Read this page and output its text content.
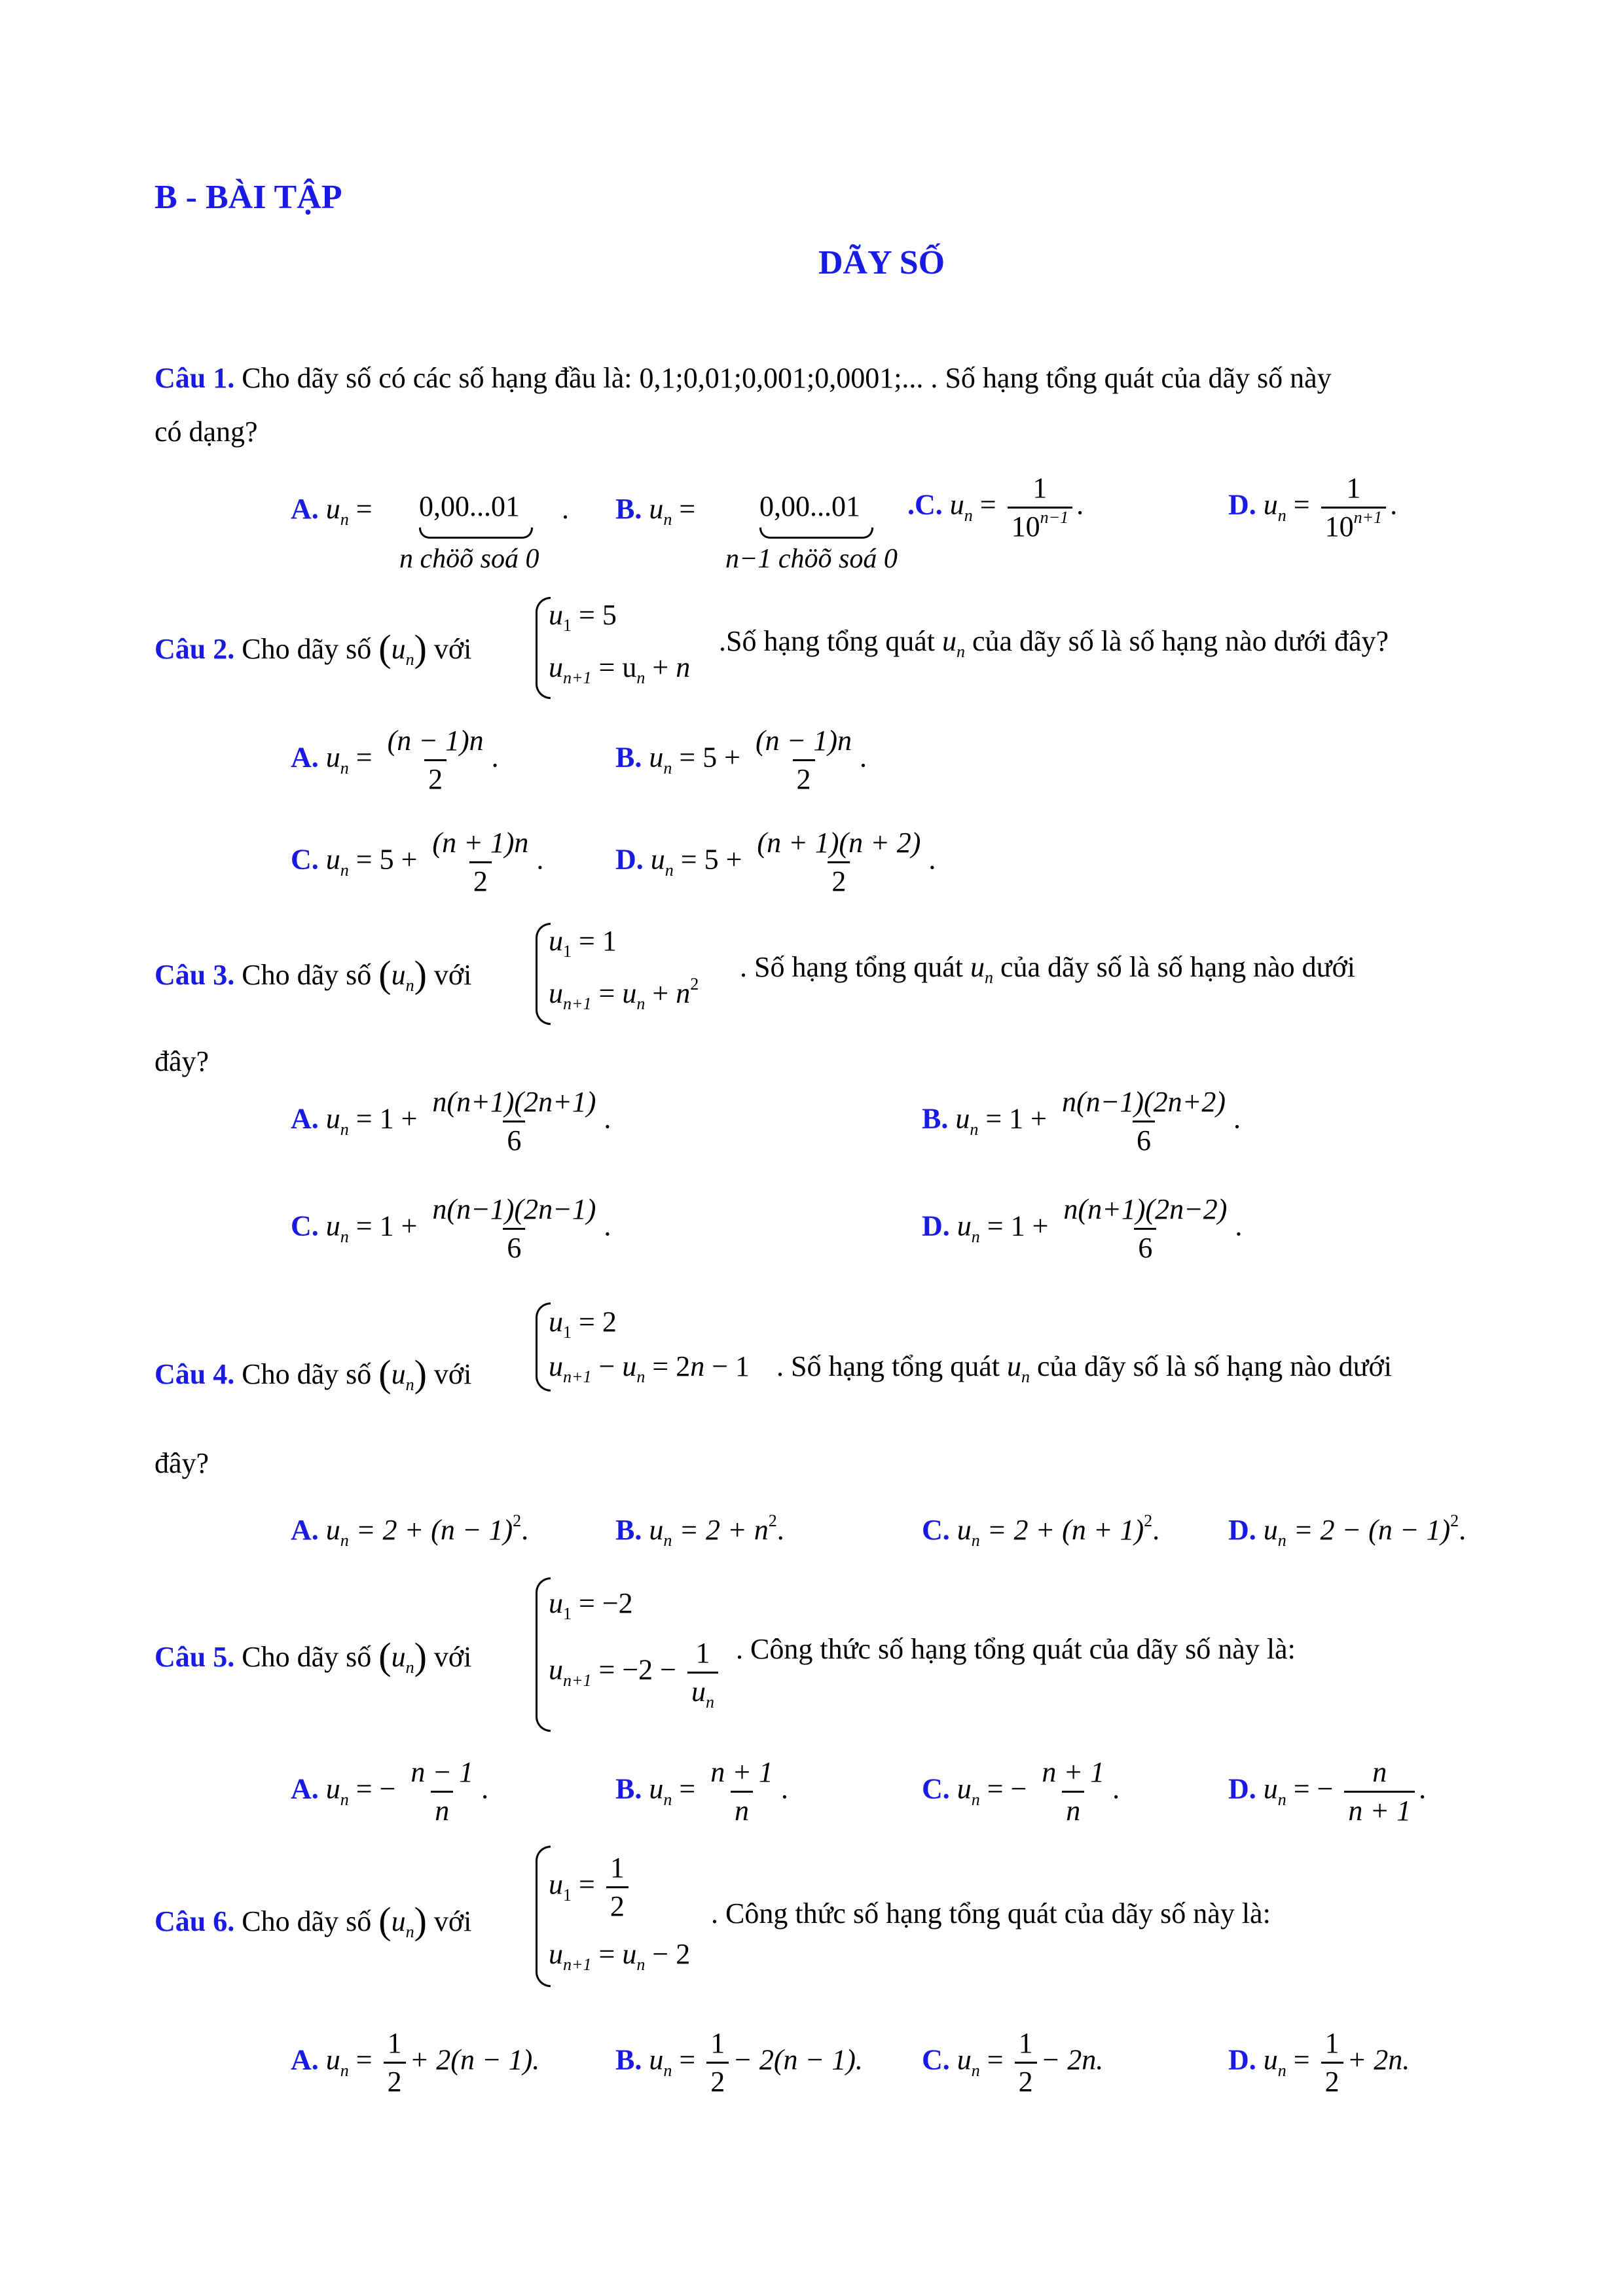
B - BÀI TẬP
DÃY SỐ
Câu 1. Cho dãy số có các số hạng đầu là: 0,1;0,01;0,001;0,0001;... . Số hạng tổng quát của dãy số này
có dạng?
A. $u_n = 0,00...01$ .
n chöõ soá 0
B. $u_n = 0,00...01$
n−1 chöõ soá 0
.C. $u_n = \frac{1}{10^{n-1}}$ .	D. $u_n = \frac{1}{10^{n+1}}$ .
Câu 2. Cho dãy số $(u_n)$ với
$u_1 = 5$
$u_{n+1} = u_n + n$
.Số hạng tổng quát $u_n$ của dãy số là số hạng nào dưới đây?
A. $u_n = \frac{(n - 1)n}{2}$ .	B. $u_n = 5 + \frac{(n - 1)n}{2}$ .
C. $u_n = 5 + \frac{(n + 1)n}{2}$ . D. $u_n = 5 + \frac{(n + 1)(n + 2)}{2}$ .
Câu 3. Cho dãy số $(u_n)$ với
$u_1 = 1$
$u_{n+1} = u_n + n^2$
. Số hạng tổng quát $u_n$ của dãy số là số hạng nào dưới
đây?
A. $u_n = 1 + \frac{n(n+1)(2n+1)}{6}$ .	B. $u_n = 1 + \frac{n(n-1)(2n+2)}{6}$ .
C. $u_n = 1 + \frac{n(n-1)(2n-1)}{6}$ .	D. $u_n = 1 + \frac{n(n+1)(2n-2)}{6}$ .
Câu 4. Cho dãy số $(u_n)$ với
$u_1 = 2$
$u_{n+1} - u_n = 2n - 1$ . Số hạng tổng quát $u_n$ của dãy số là số hạng nào dưới
đây?
A. $u_n = 2 + (n - 1)^2$.	B. $u_n = 2 + n^2$.	C. $u_n = 2 + (n + 1)^2$. D. $u_n = 2 - (n - 1)^2$.
Câu 5. Cho dãy số $(u_n)$ với
$u_1 = -2$
$u_{n+1} = -2 - \frac{1}{u_n}$ . Công thức số hạng tổng quát của dãy số này là:
A. $u_n$ = − $\frac{n - 1}{n}$ .	B. $u_n = \frac{n + 1}{n}$ .	C. $u_n$ = − $\frac{n + 1}{n}$ .	D. $u_n$ = − $\frac{n}{n + 1}$ .
Câu 6. Cho dãy số $(u_n)$ với
$u_1 = \frac{1}{2}$
$u_{n+1} = u_n - 2$
. Công thức số hạng tổng quát của dãy số này là:
A. $u_n = \frac{1}{2} + 2(n - 1)$.	B. $u_n = \frac{1}{2} - 2(n - 1)$. C. $u_n = \frac{1}{2} - 2n$.	D. $u_n = \frac{1}{2} + 2n$.
